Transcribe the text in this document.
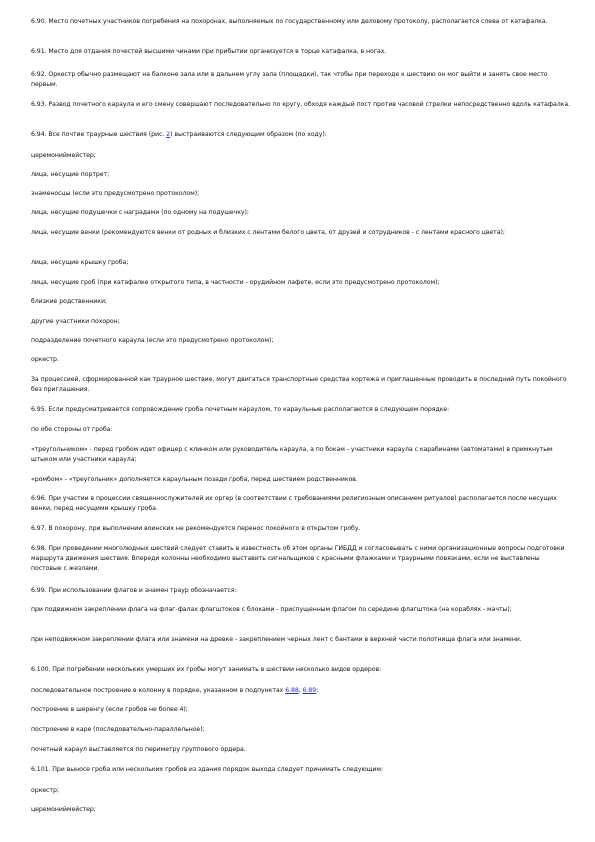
6.90. Место почетных участников погребения на похоронах, выполняемых по государственному или деловому протоколу, располагается слева от катафалка.

6.91. Место для отдания почестей высшими чинами при прибытии организуется в торце катафалка, в ногах.

6.92. Оркестр обычно размещают на балконе зала или в дальнем углу зала (площадки), так чтобы при переходе к шествию он мог выйти и занять свое место первым.

6.93. Развод почетного караула и его смену совершают последовательно по кругу, обходя каждый пост против часовой стрелки непосредственно вдоль катафалка.

6.94. Все почтие траурные шествия (рис. 2) выстраиваются следующим образом (по ходу):

церемониймейстер;

лица, несущие портрет;

знаменосцы (если это предусмотрено протоколом);

лица, несущие подушечки с наградами (по одному на подушечку);

лица, несущие венки (рекомендуются венки от родных и близких с лентами белого цвета, от друзей и сотрудников - с лентами красного цвета);

лица, несущие крышку гроба;

лица, несущие гроб (при катафалке открытого типа, в частности - орудийном лафете, если это предусмотрено протоколом);

близкие родственники;

другие участники похорон;

подразделение почетного караула (если это предусмотрено протоколом);

оркестр.

За процессией, сформированной как траурное шествие, могут двигаться транспортные средства кортежа и приглашенные проводить в последний путь покойного без приглашения.

6.95. Если предусматривается сопровождение гроба почетным караулом, то караульные располагаются в следующем порядке:

по обе стороны от гроба:

«треугольником» - перед гробом идет офицер с клинком или руководитель караула, а по бокам - участники караула с карабинами (автоматами) в примкнутым штыком или участники караула;

«ромбом» - «треугольник» дополняется караульным позади гроба, перед шествием родственников.

6.96. При участии в процессии священнослужителей их оргер (в соответствии с требованиями религиозным описанием ритуалов) располагается после несущих венки, перед несущими крышку гроба.

6.97. В похорону, при выполнении воинских не рекомендуется перенос покойного в открытом гробу.

6.98. При проведении многолюдных шествий следует ставить в известность об этом органы ГИБДД и согласовывать с ними организационные вопросы подготовки маршрута движения шествия. Впереди колонны необходимо выставить сигнальщиков с красными флажками и траурными повязками, если не выставлены постовые с жезлами.

6.99. При использовании флагов и знамен траур обозначается:

при подвижном закреплении флага на флаг-фалах флагштоков с блоками - приспущенным флагом по середине флагштока (на кораблях - мачты);

при неподвижном закреплении флага или знамени на древке - закреплением черных лент с бантами в верхней части полотнища флага или знамени.

6.100. При погребении нескольких умерших их гробы могут занимать в шествии несколько видов ордеров:

последовательное построение в колонну в порядке, указанном в подпунктах 6.88, 6.89;

построение в шеренгу (если гробов не более 4);

построение в каре (последовательно-параллельное);

почетный караул выставляется по периметру группового ордера.

6.101. При выносе гроба или нескольких гробов из здания порядок выхода следует принимать следующим:

оркестр;

церемониймейстер;
